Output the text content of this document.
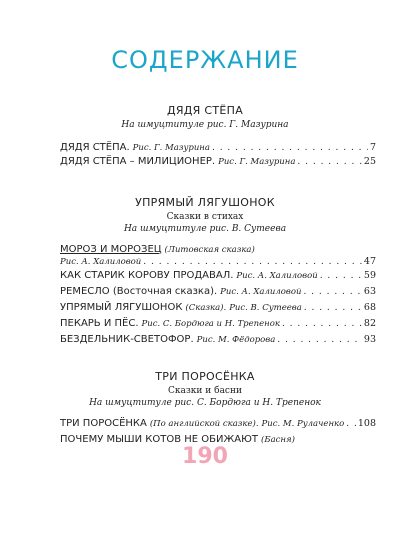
СОДЕРЖАНИЕ
ДЯДЯ СТЁПА
На шмуцтитуле рис. Г. Мазурина
ДЯДЯ СТЁПА. Рис. Г. Мазурина . . .	7
ДЯДЯ СТЁПА – МИЛИЦИОНЕР. Рис. Г. Мазурина . . .	25
УПРЯМЫЙ ЛЯГУШОНОК
Сказки в стихах
На шмуцтитуле рис. В. Сутеева
МОРОЗ И МОРОЗЕЦ (Литовская сказка)
Рис. А. Халиловой . . .	47
КАК СТАРИК КОРОВУ ПРОДАВАЛ. Рис. А. Халиловой . . .	59
РЕМЕСЛО (Восточная сказка). Рис. А. Халиловой . . .	63
УПРЯМЫЙ ЛЯГУШОНОК (Сказка). Рис. В. Сутеева . . .	68
ПЕКАРЬ И ПЁС. Рис. С. Бордюга и Н. Трепенок . . .	82
БЕЗДЕЛЬНИК-СВЕТОФОР. Рис. М. Фёдорова . . .	93
ТРИ ПОРОСЁНКА
Сказки и басни
На шмуцтитуле рис. С. Бордюга и Н. Трепенок
ТРИ ПОРОСЁНКА (По английской сказке). Рис. М. Рулаченко . . . 108
ПОЧЕМУ МЫШИ КОТОВ НЕ ОБИЖАЮТ (Басня)
190
